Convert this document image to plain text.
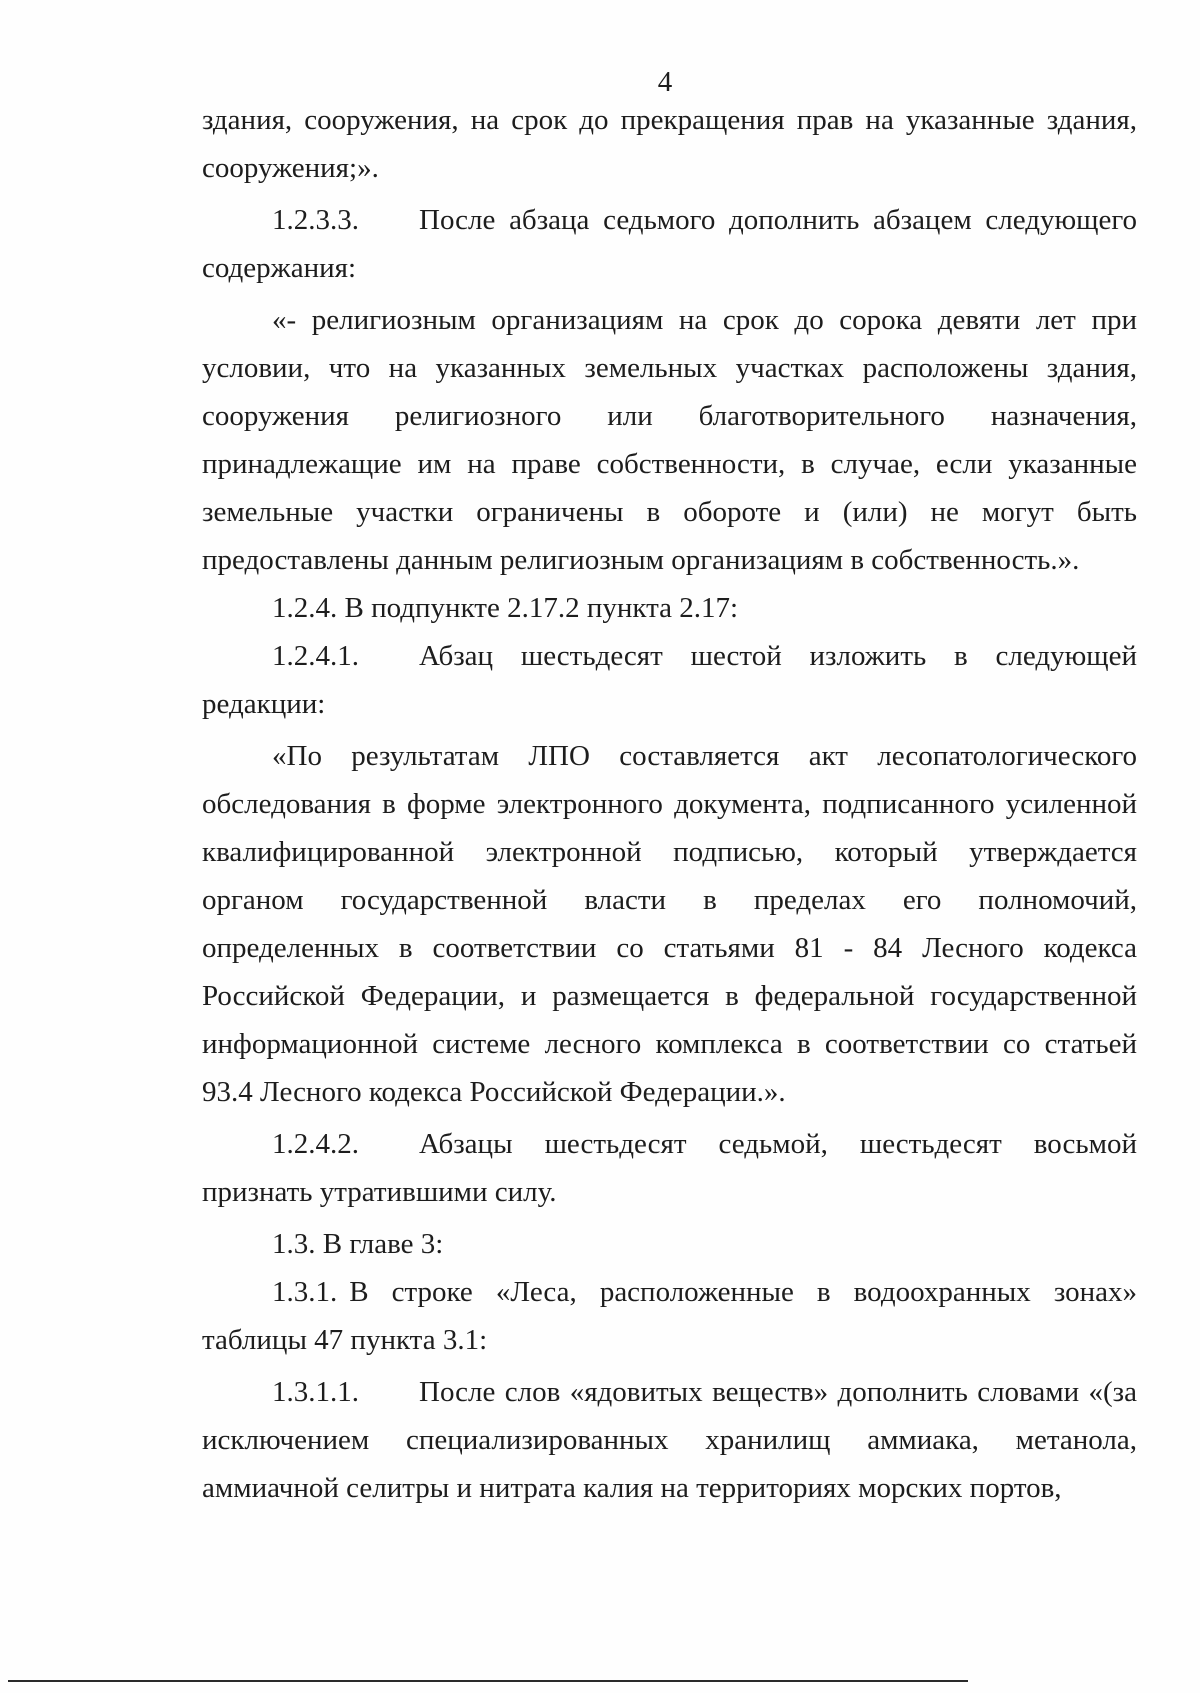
4

здания, сооружения, на срок до прекращения прав на указанные здания, сооружения;».

1.2.3.3. После абзаца седьмого дополнить абзацем следующего

содержания:

«- религиозным организациям на срок до сорока девяти лет при условии, что на указанных земельных участках расположены здания, сооружения религиозного или благотворительного назначения, принадлежащие им на праве собственности, в случае, если указанные земельные участки ограничены в обороте и (или) не могут быть предоставлены данным религиозным организациям в собственность.».

1.2.4. В подпункте 2.17.2 пункта 2.17:

1.2.4.1. Абзац шестьдесят шестой изложить в следующей

редакции:

«По результатам ЛПО составляется акт лесопатологического обследования в форме электронного документа, подписанного усиленной квалифицированной электронной подписью, который утверждается органом государственной власти в пределах его полномочий, определенных в соответствии со статьями 81 - 84 Лесного кодекса Российской Федерации, и размещается в федеральной государственной информационной системе лесного комплекса в соответствии со статьей 93.4 Лесного кодекса Российской Федерации.».

1.2.4.2. Абзацы шестьдесят седьмой, шестьдесят восьмой

признать утратившими силу.

1.3. В главе 3:

1.3.1. В строке «Леса, расположенные в водоохранных зонах»

таблицы 47 пункта 3.1:

1.3.1.1. После слов «ядовитых веществ» дополнить словами «(за

исключением специализированных хранилищ аммиака, метанола, аммиачной селитры и нитрата калия на территориях морских портов,
